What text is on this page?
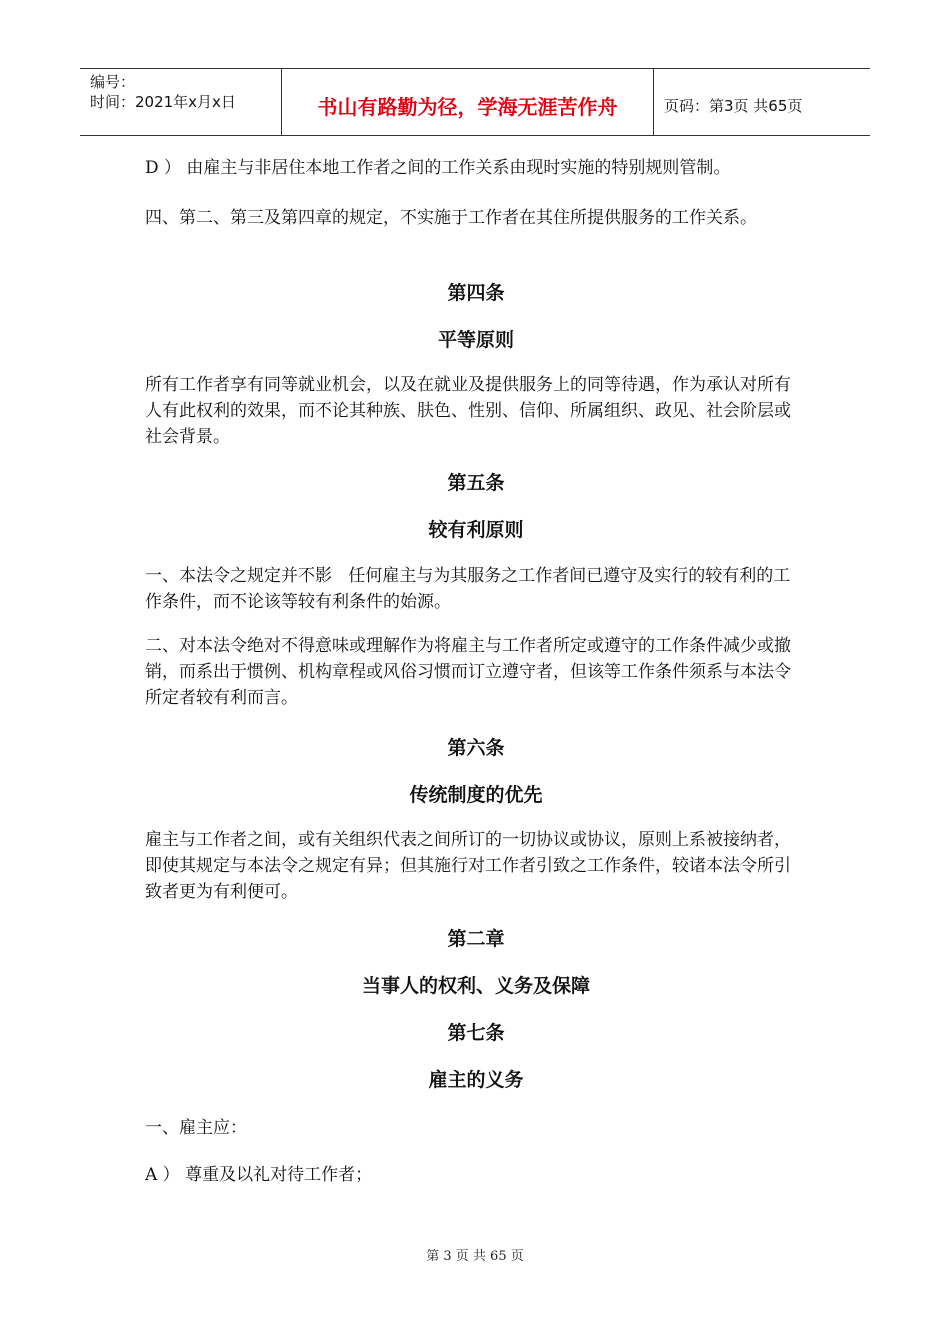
编号：
时间：2021年x月x日	书山有路勤为径，学海无涯苦作舟	页码：第3页 共65页

D ） 由雇主与非居住本地工作者之间的工作关系由现时实施的特别规则管制。

四、第二、第三及第四章的规定，不实施于工作者在其住所提供服务的工作关系。

第四条

平等原则

所有工作者享有同等就业机会，以及在就业及提供服务上的同等待遇，作为承认对所有人有此权利的效果，而不论其种族、肤色、性别、信仰、所属组织、政见、社会阶层或社会背景。

第五条

较有利原则

一、本法令之规定并不影   任何雇主与为其服务之工作者间已遵守及实行的较有利的工作条件，而不论该等较有利条件的始源。

二、对本法令绝对不得意味或理解作为将雇主与工作者所定或遵守的工作条件减少或撤销，而系出于惯例、机构章程或风俗习惯而订立遵守者，但该等工作条件须系与本法令所定者较有利而言。

第六条

传统制度的优先

雇主与工作者之间，或有关组织代表之间所订的一切协议或协议，原则上系被接纳者，即使其规定与本法令之规定有异；但其施行对工作者引致之工作条件，较诸本法令所引致者更为有利便可。

第二章

当事人的权利、义务及保障

第七条

雇主的义务

一、雇主应：

A ） 尊重及以礼对待工作者；

第 3 页 共 65 页
